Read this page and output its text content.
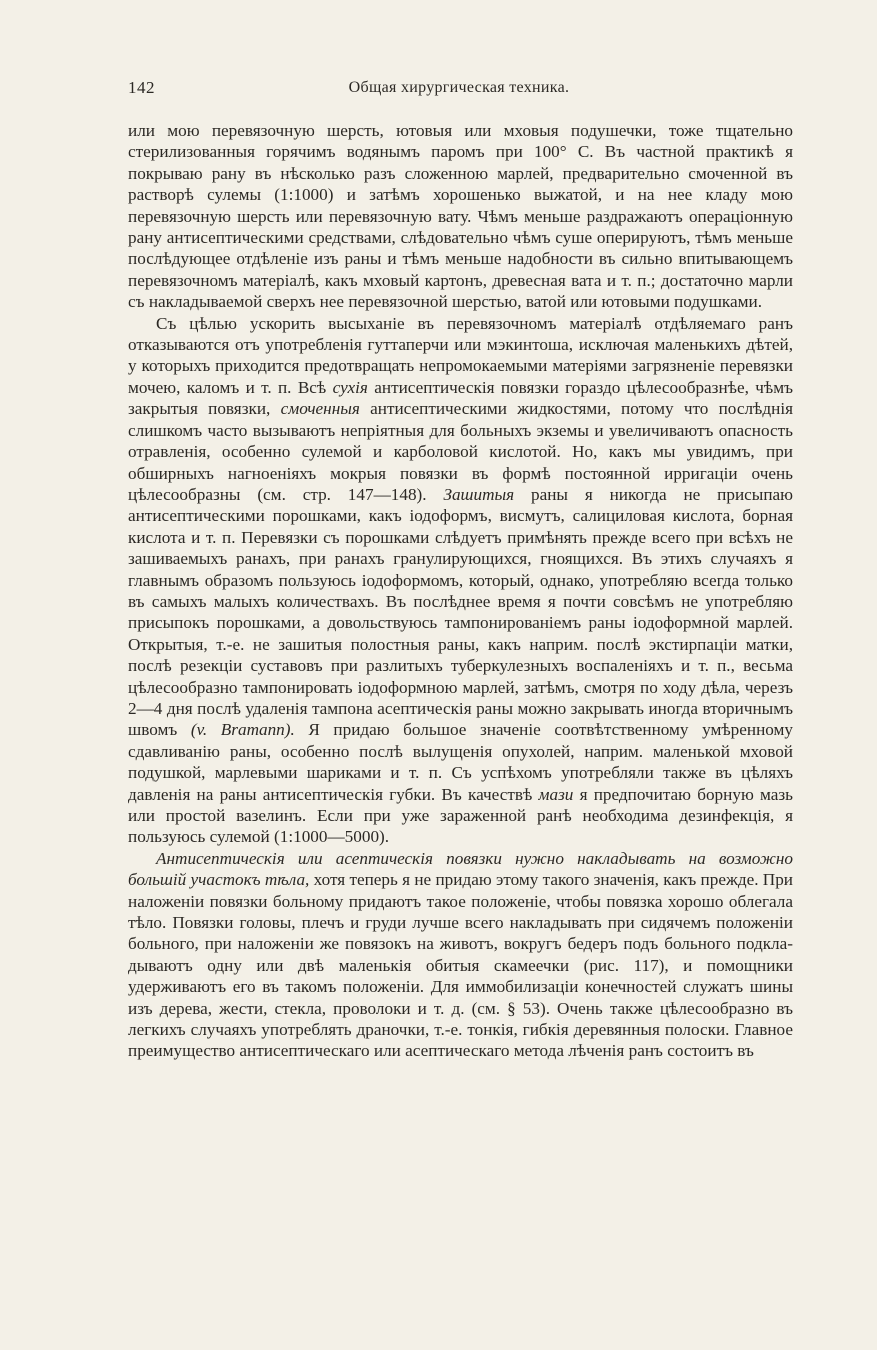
142	Общая хирургическая техника.

или мою перевязочную шерсть, ютовыя или мховыя подушечки, тоже тщательно стерилизованныя горячимъ водянымъ паромъ при 100° С. Въ частной практикѣ я покрываю рану въ нѣсколько разъ сложенною марлей, предварительно смоченной въ растворѣ сулемы (1:1000) и затѣмъ хорошенько выжатой, и на нее кладу мою перевязочную шерсть или перевязочную вату. Чѣмъ меньше раздражаютъ операціонную рану антисептическими средствами, слѣдовательно чѣмъ суше оперируютъ, тѣмъ меньше послѣдующее отдѣленіе изъ раны и тѣмъ меньше надобности въ сильно впитывающемъ перевязочномъ матеріалѣ, какъ мховый картонъ, древесная вата и т. п.; достаточно марли съ накладываемой сверхъ нее перевязочной шерстью, ватой или ютовыми подушками.

Съ цѣлью ускорить высыханіе въ перевязочномъ матеріалѣ отдѣляемаго ранъ отказываются отъ употребленія гуттаперчи или мэкинтоша, исключая маленькихъ дѣтей, у которыхъ приходится предотвращать непромокаемыми матеріями загрязненіе перевязки мочею, каломъ и т. п. Всѣ сухія антисептическія повязки гораздо цѣлесообразнѣе, чѣмъ закрытыя повязки, смоченныя антисептическими жидкостями, потому что послѣднія слишкомъ часто вызываютъ непріятныя для больныхъ экземы и увеличиваютъ опасность отравленія, особенно сулемой и карболовой кислотой. Но, какъ мы увидимъ, при обширныхъ нагноеніяхъ мокрыя повязки въ формѣ постоянной ирригаціи очень цѣлесообразны (см. стр. 147—148). Зашитыя раны я никогда не присыпаю антисептическими порошками, какъ іодоформъ, висмутъ, салициловая кислота, борная кислота и т. п. Перевязки съ порошками слѣдуетъ примѣнять прежде всего при всѣхъ не зашиваемыхъ ранахъ, при ранахъ гранулирующихся, гноящихся. Въ этихъ случаяхъ я главнымъ образомъ пользуюсь іодоформомъ, который, однако, употребляю всегда только въ самыхъ малыхъ количествахъ. Въ послѣднее время я почти совсѣмъ не употребляю присыпокъ порошками, а довольствуюсь тампонированіемъ раны іодоформной марлей. Открытыя, т.-е. не зашитыя полостныя раны, какъ наприм. послѣ экстирпаціи матки, послѣ резекціи суставовъ при разлитыхъ туберкулезныхъ воспаленіяхъ и т. п., весьма цѣлесообразно тампонировать іодоформною марлей, затѣмъ, смотря по ходу дѣла, черезъ 2—4 дня послѣ удаленія тампона асептическія раны можно закрывать иногда вторичнымъ швомъ (v. Bramann). Я придаю большое значеніе соотвѣтственному умѣренному сдавливанію раны, особенно послѣ вылущенія опухолей, наприм. маленькой мховой подушкой, марлевыми шариками и т. п. Съ успѣхомъ употребляли также въ цѣляхъ давленія на раны антисептическія губки. Въ качествѣ мази я предпочитаю борную мазь или простой вазелинъ. Если при уже зараженной ранѣ необходима дезинфекція, я пользуюсь сулемой (1:1000—5000).

Антисептическія или асептическія повязки нужно накладывать на возможно большій участокъ тѣла, хотя теперь я не придаю этому такого значенія, какъ прежде. При наложеніи повязки больному придаютъ такое положеніе, чтобы повязка хорошо облегала тѣло. Повязки головы, плечъ и груди лучше всего накладывать при сидячемъ положеніи больного, при наложеніи же повязокъ на животъ, вокругъ бедеръ подъ больного подкладываютъ одну или двѣ маленькія обитыя скамеечки (рис. 117), и помощники удерживаютъ его въ такомъ положеніи. Для иммобилизаціи конечностей служатъ шины изъ дерева, жести, стекла, проволоки и т. д. (см. § 53). Очень также цѣлесообразно въ легкихъ случаяхъ употреблять драночки, т.-е. тонкія, гибкія деревянныя полоски. Главное преимущество антисептическаго или асептическаго метода лѣченія ранъ состоитъ въ
